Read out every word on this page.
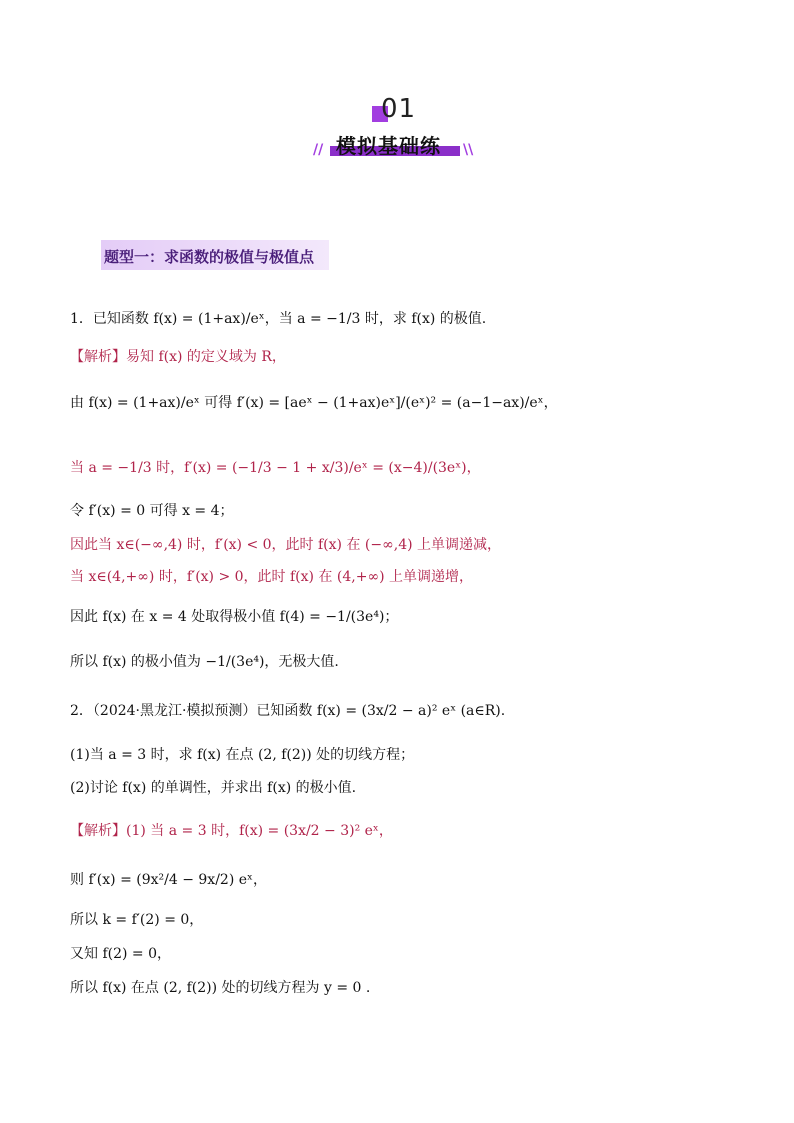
01
模拟基础练
//	\\
题型一：求函数的极值与极值点
1．已知函数 f(x) = (1+ax)/eˣ，当 a = −1/3 时，求 f(x) 的极值.
【解析】易知 f(x) 的定义域为 R，
由 f(x) = (1+ax)/eˣ 可得 f′(x) = [aeˣ − (1+ax)eˣ]/(eˣ)² = (a−1−ax)/eˣ，
当 a = −1/3 时，f′(x) = (−1/3 − 1 + x/3)/eˣ = (x−4)/(3eˣ)，
令 f′(x) = 0 可得 x = 4；
因此当 x∈(−∞,4) 时，f′(x) < 0，此时 f(x) 在 (−∞,4) 上单调递减，
当 x∈(4,+∞) 时，f′(x) > 0，此时 f(x) 在 (4,+∞) 上单调递增，
因此 f(x) 在 x = 4 处取得极小值 f(4) = −1/(3e⁴)；
所以 f(x) 的极小值为 −1/(3e⁴)，无极大值.
2．（2024·黑龙江·模拟预测）已知函数 f(x) = (3x/2 − a)² eˣ (a∈R).
(1)当 a = 3 时，求 f(x) 在点 (2, f(2)) 处的切线方程；
(2)讨论 f(x) 的单调性，并求出 f(x) 的极小值.
【解析】(1) 当 a = 3 时，f(x) = (3x/2 − 3)² eˣ，
则 f′(x) = (9x²/4 − 9x/2) eˣ，
所以 k = f′(2) = 0，
又知 f(2) = 0，
所以 f(x) 在点 (2, f(2)) 处的切线方程为 y = 0 .
